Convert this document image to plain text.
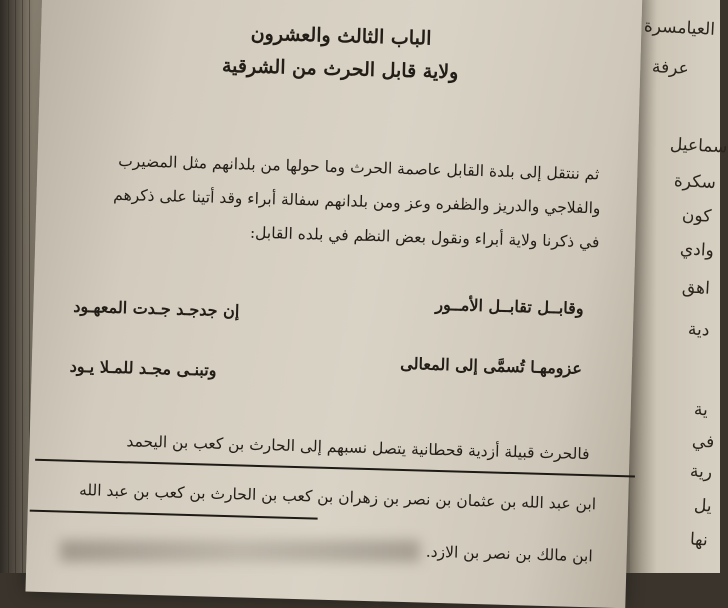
العيامسرة
عرفة
سماعيل
سكرة
كون
وادي
اهق
دية
ية
في
رية
يل
نها
الباب الثالث والعشرون
ولاية قابل الحرث من الشرقية
ثم ننتقل إلى بلدة القابل عاصمة الحرث وما حولها من بلدانهم مثل المضيرب
والفلاجي والدريز والظفره وعز ومن بلدانهم سفالة أبراء وقد أتينا على ذكرهم
في ذكرنا ولاية أبراء ونقول بعض النظم في بلده القابل:
وقابــل تقابــل الأمــور
إن جدجـد جـدت المعهـود
عزومهـا تُسمَّى إلى المعالى
وتبنـى مجـد للمـلا يـود
فالحرث قبيلة أزدية قحطانية يتصل نسبهم إلى الحارث بن كعب بن اليحمد
ابن عبد الله بن عثمان بن نصر بن زهران بن كعب بن الحارث بن كعب بن عبد الله
ابن مالك بن نصر بن الازد.
